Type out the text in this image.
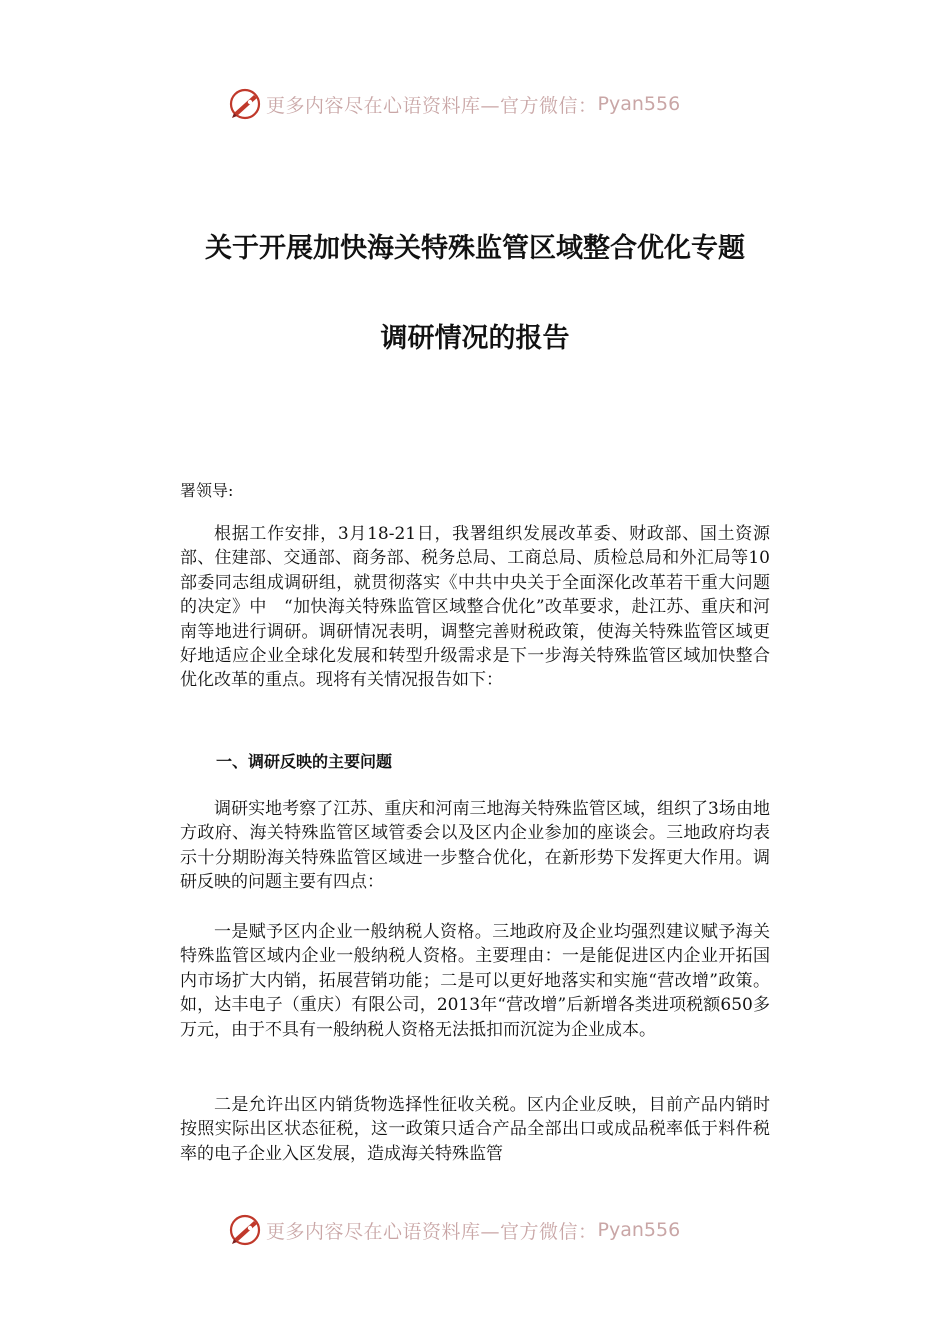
更多内容尽在心语资料库—官方微信： Pyan556
关于开展加快海关特殊监管区域整合优化专题
调研情况的报告

署领导:

根据工作安排，3月18-21日，我署组织发展改革委、财政部、国土资源部、住建部、交通部、商务部、税务总局、工商总局、质检总局和外汇局等10部委同志组成调研组，就贯彻落实《中共中央关于全面深化改革若干重大问题的决定》中　“加快海关特殊监管区域整合优化”改革要求，赴江苏、重庆和河南等地进行调研。调研情况表明，调整完善财税政策，使海关特殊监管区域更好地适应企业全球化发展和转型升级需求是下一步海关特殊监管区域加快整合优化改革的重点。现将有关情况报告如下：

一、调研反映的主要问题

调研实地考察了江苏、重庆和河南三地海关特殊监管区域，组织了3场由地方政府、海关特殊监管区域管委会以及区内企业参加的座谈会。三地政府均表示十分期盼海关特殊监管区域进一步整合优化，在新形势下发挥更大作用。调研反映的问题主要有四点：

一是赋予区内企业一般纳税人资格。三地政府及企业均强烈建议赋予海关特殊监管区域内企业一般纳税人资格。主要理由：一是能促进区内企业开拓国内市场扩大内销，拓展营销功能；二是可以更好地落实和实施“营改增”政策。如，达丰电子（重庆）有限公司，2013年“营改增”后新增各类进项税额650多万元，由于不具有一般纳税人资格无法抵扣而沉淀为企业成本。

二是允许出区内销货物选择性征收关税。区内企业反映，目前产品内销时按照实际出区状态征税，这一政策只适合产品全部出口或成品税率低于料件税率的电子企业入区发展，造成海关特殊监管

更多内容尽在心语资料库—官方微信： Pyan556
